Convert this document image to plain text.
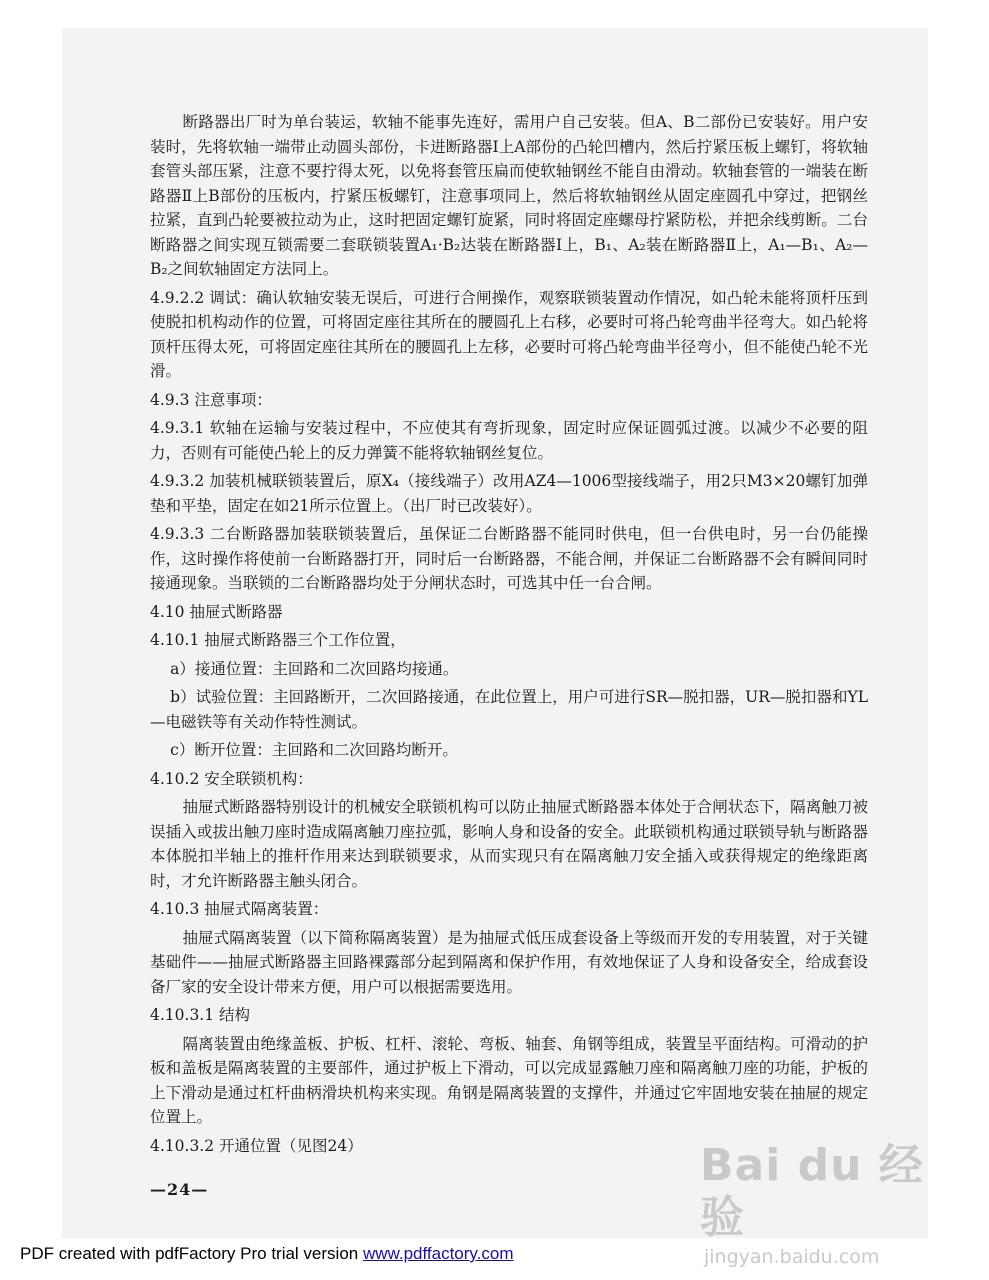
断路器出厂时为单台装运，软轴不能事先连好，需用户自己安装。但A、B二部份已安装好。用户安装时，先将软轴一端带止动圆头部份，卡进断路器I上A部份的凸轮凹槽内，然后拧紧压板上螺钉，将软轴套管头部压紧，注意不要拧得太死，以免将套管压扁而使软轴钢丝不能自由滑动。软轴套管的一端装在断路器Ⅱ上B部份的压板内，拧紧压板螺钉，注意事项同上，然后将软轴钢丝从固定座圆孔中穿过，把钢丝拉紧，直到凸轮要被拉动为止，这时把固定螺钉旋紧，同时将固定座螺母拧紧防松，并把余线剪断。二台断路器之间实现互锁需要二套联锁装置A₁·B₂达装在断路器I上，B₁、A₂装在断路器Ⅱ上，A₁—B₁、A₂—B₂之间软轴固定方法同上。

4.9.2.2 调试：确认软轴安装无误后，可进行合闸操作，观察联锁装置动作情况，如凸轮未能将顶杆压到使脱扣机构动作的位置，可将固定座往其所在的腰圆孔上右移，必要时可将凸轮弯曲半径弯大。如凸轮将顶杆压得太死，可将固定座往其所在的腰圆孔上左移，必要时可将凸轮弯曲半径弯小，但不能使凸轮不光滑。

4.9.3 注意事项：

4.9.3.1 软轴在运输与安装过程中，不应使其有弯折现象，固定时应保证圆弧过渡。以减少不必要的阻力，否则有可能使凸轮上的反力弹簧不能将软轴钢丝复位。

4.9.3.2 加装机械联锁装置后，原X₄（接线端子）改用AZ4—1006型接线端子，用2只M3×20螺钉加弹垫和平垫，固定在如21所示位置上。（出厂时已改装好）。

4.9.3.3 二台断路器加装联锁装置后，虽保证二台断路器不能同时供电，但一台供电时，另一台仍能操作，这时操作将使前一台断路器打开，同时后一台断路器，不能合闸，并保证二台断路器不会有瞬间同时接通现象。当联锁的二台断路器均处于分闸状态时，可选其中任一台合闸。

4.10 抽屉式断路器

4.10.1 抽屉式断路器三个工作位置，

a）接通位置：主回路和二次回路均接通。

b）试验位置：主回路断开，二次回路接通，在此位置上，用户可进行SR—脱扣器，UR—脱扣器和YL—电磁铁等有关动作特性测试。

c）断开位置：主回路和二次回路均断开。

4.10.2 安全联锁机构：

抽屉式断路器特别设计的机械安全联锁机构可以防止抽屉式断路器本体处于合闸状态下，隔离触刀被误插入或拔出触刀座时造成隔离触刀座拉弧，影响人身和设备的安全。此联锁机构通过联锁导轨与断路器本体脱扣半轴上的推杆作用来达到联锁要求，从而实现只有在隔离触刀安全插入或获得规定的绝缘距离时，才允许断路器主触头闭合。

4.10.3 抽屉式隔离装置：

抽屉式隔离装置（以下简称隔离装置）是为抽屉式低压成套设备上等级而开发的专用装置，对于关键基础件——抽屉式断路器主回路裸露部分起到隔离和保护作用，有效地保证了人身和设备安全，给成套设备厂家的安全设计带来方便，用户可以根据需要选用。

4.10.3.1 结构

隔离装置由绝缘盖板、护板、杠杆、滚轮、弯板、轴套、角钢等组成，装置呈平面结构。可滑动的护板和盖板是隔离装置的主要部件，通过护板上下滑动，可以完成显露触刀座和隔离触刀座的功能，护板的上下滑动是通过杠杆曲柄滑块机构来实现。角钢是隔离装置的支撑件，并通过它牢固地安装在抽屉的规定位置上。

4.10.3.2 开通位置（见图24）

—24—	Bai du 经验
jingyan.baidu.com
PDF created with pdfFactory Pro trial version www.pdffactory.com
